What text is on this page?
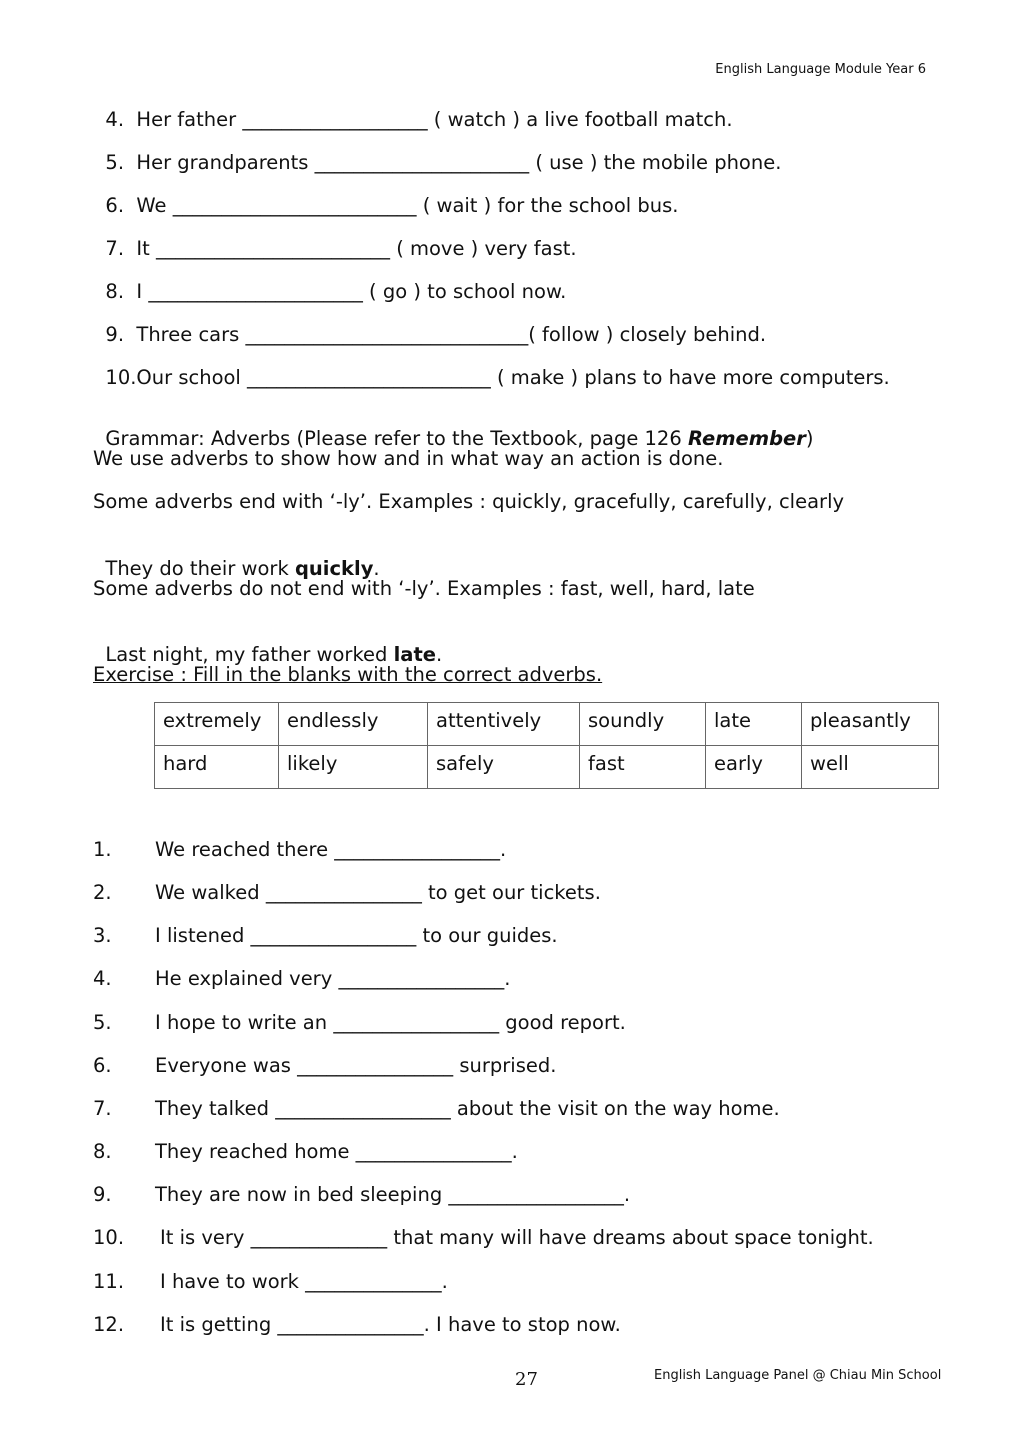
English Language Module Year 6

4. Her father ___________________ ( watch ) a live football match.

5. Her grandparents ______________________ ( use ) the mobile phone.

6. We _________________________ ( wait ) for the school bus.

7. It ________________________ ( move ) very fast.

8. I ______________________ ( go ) to school now.

9. Three cars _____________________________( follow ) closely behind.

10.Our school _________________________ ( make ) plans to have more computers.

Grammar: Adverbs (Please refer to the Textbook, page 126 Remember)

We use adverbs to show how and in what way an action is done.
Some adverbs end with ‘-ly’. Examples : quickly, gracefully, carefully, clearly

They do their work quickly.

Some adverbs do not end with ‘-ly’. Examples : fast, well, hard, late

Last night, my father worked late.

Exercise : Fill in the blanks with the correct adverbs.
extremely	endlessly	attentively	soundly	late	pleasantly
hard	likely	safely	fast	early	well
1. We reached there _________________.
2. We walked ________________ to get our tickets.
3. I listened _________________ to our guides.
4. He explained very _________________.
5. I hope to write an _________________ good report.
6. Everyone was ________________ surprised.
7. They talked __________________ about the visit on the way home.
8. They reached home ________________.
9. They are now in bed sleeping __________________.
10. It is very ______________ that many will have dreams about space tonight.
11. I have to work ______________.
12. It is getting _______________. I have to stop now.
27	English Language Panel @ Chiau Min School
